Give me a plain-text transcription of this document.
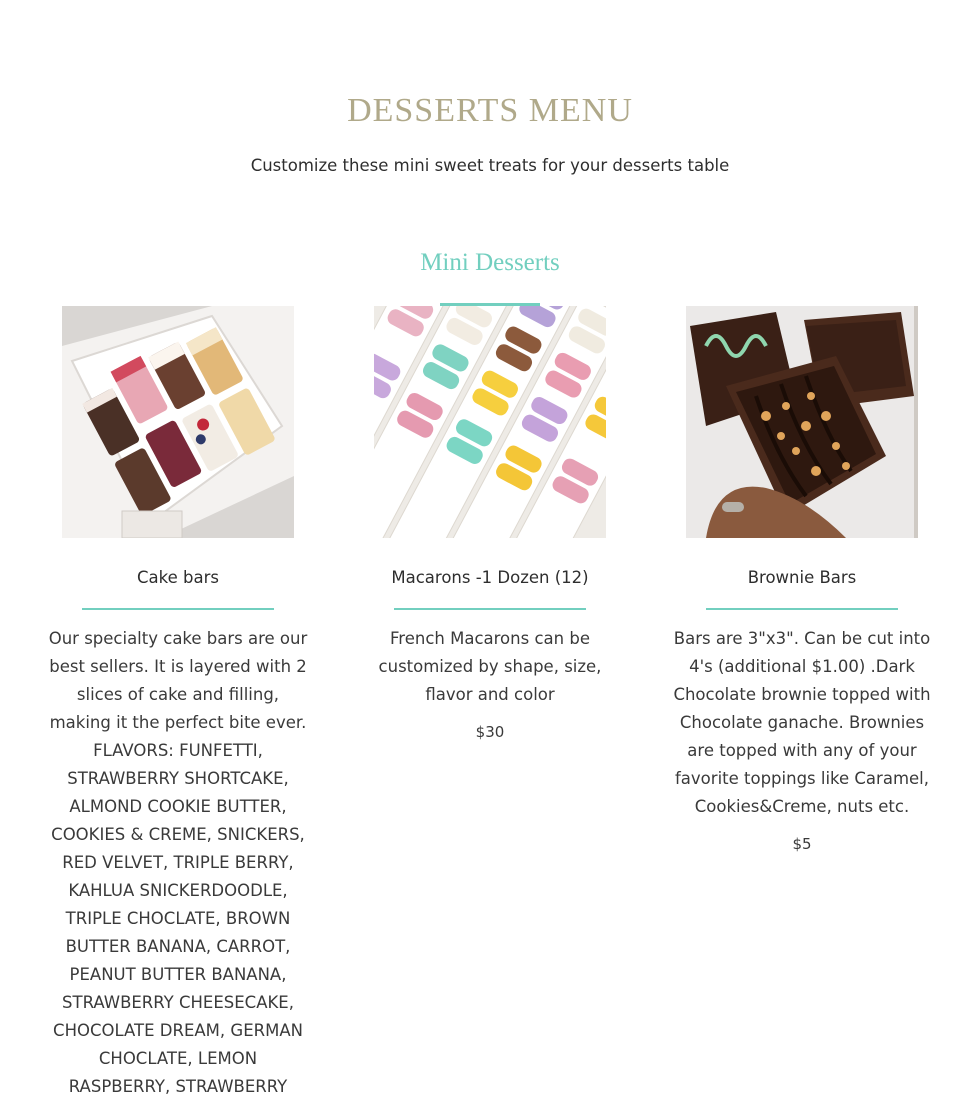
DESSERTS MENU
Customize these mini sweet treats for your desserts table
Mini Desserts
Cake bars
Our specialty cake bars are our best sellers. It is layered with 2 slices of cake and filling, making it the perfect bite ever. FLAVORS: FUNFETTI, STRAWBERRY SHORTCAKE, ALMOND COOKIE BUTTER, COOKIES & CREME, SNICKERS, RED VELVET, TRIPLE BERRY, KAHLUA SNICKERDOODLE, TRIPLE CHOCLATE, BROWN BUTTER BANANA, CARROT, PEANUT BUTTER BANANA, STRAWBERRY CHEESECAKE, CHOCOLATE DREAM, GERMAN CHOCLATE, LEMON RASPBERRY, STRAWBERRY
Macarons -1 Dozen (12)
French Macarons can be customized by shape, size, flavor and color
$30
Brownie Bars
Bars are 3"x3". Can be cut into 4's (additional $1.00) .Dark Chocolate brownie topped with Chocolate ganache. Brownies are topped with any of your favorite toppings like Caramel, Cookies&Creme, nuts etc.
$5
